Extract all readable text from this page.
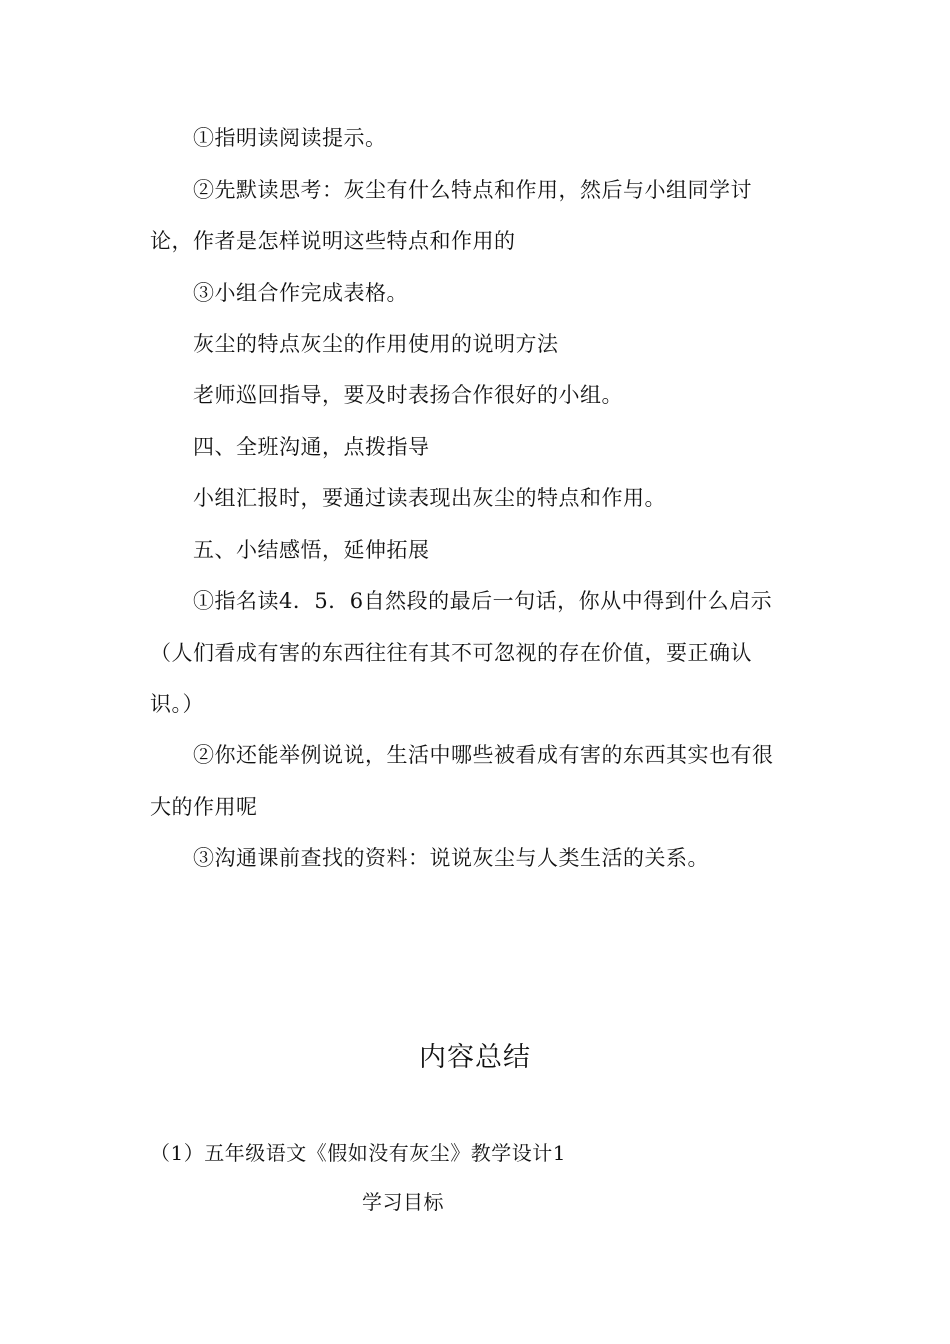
①指明读阅读提示。
②先默读思考：灰尘有什么特点和作用，然后与小组同学讨
论，作者是怎样说明这些特点和作用的
③小组合作完成表格。
灰尘的特点灰尘的作用使用的说明方法
老师巡回指导，要及时表扬合作很好的小组。
四、全班沟通，点拨指导
小组汇报时，要通过读表现出灰尘的特点和作用。
五、小结感悟，延伸拓展
①指名读4．5．6自然段的最后一句话，你从中得到什么启示
（人们看成有害的东西往往有其不可忽视的存在价值，要正确认
识。）
②你还能举例说说，生活中哪些被看成有害的东西其实也有很
大的作用呢
③沟通课前查找的资料：说说灰尘与人类生活的关系。
内容总结
（1）五年级语文《假如没有灰尘》教学设计1
学习目标
